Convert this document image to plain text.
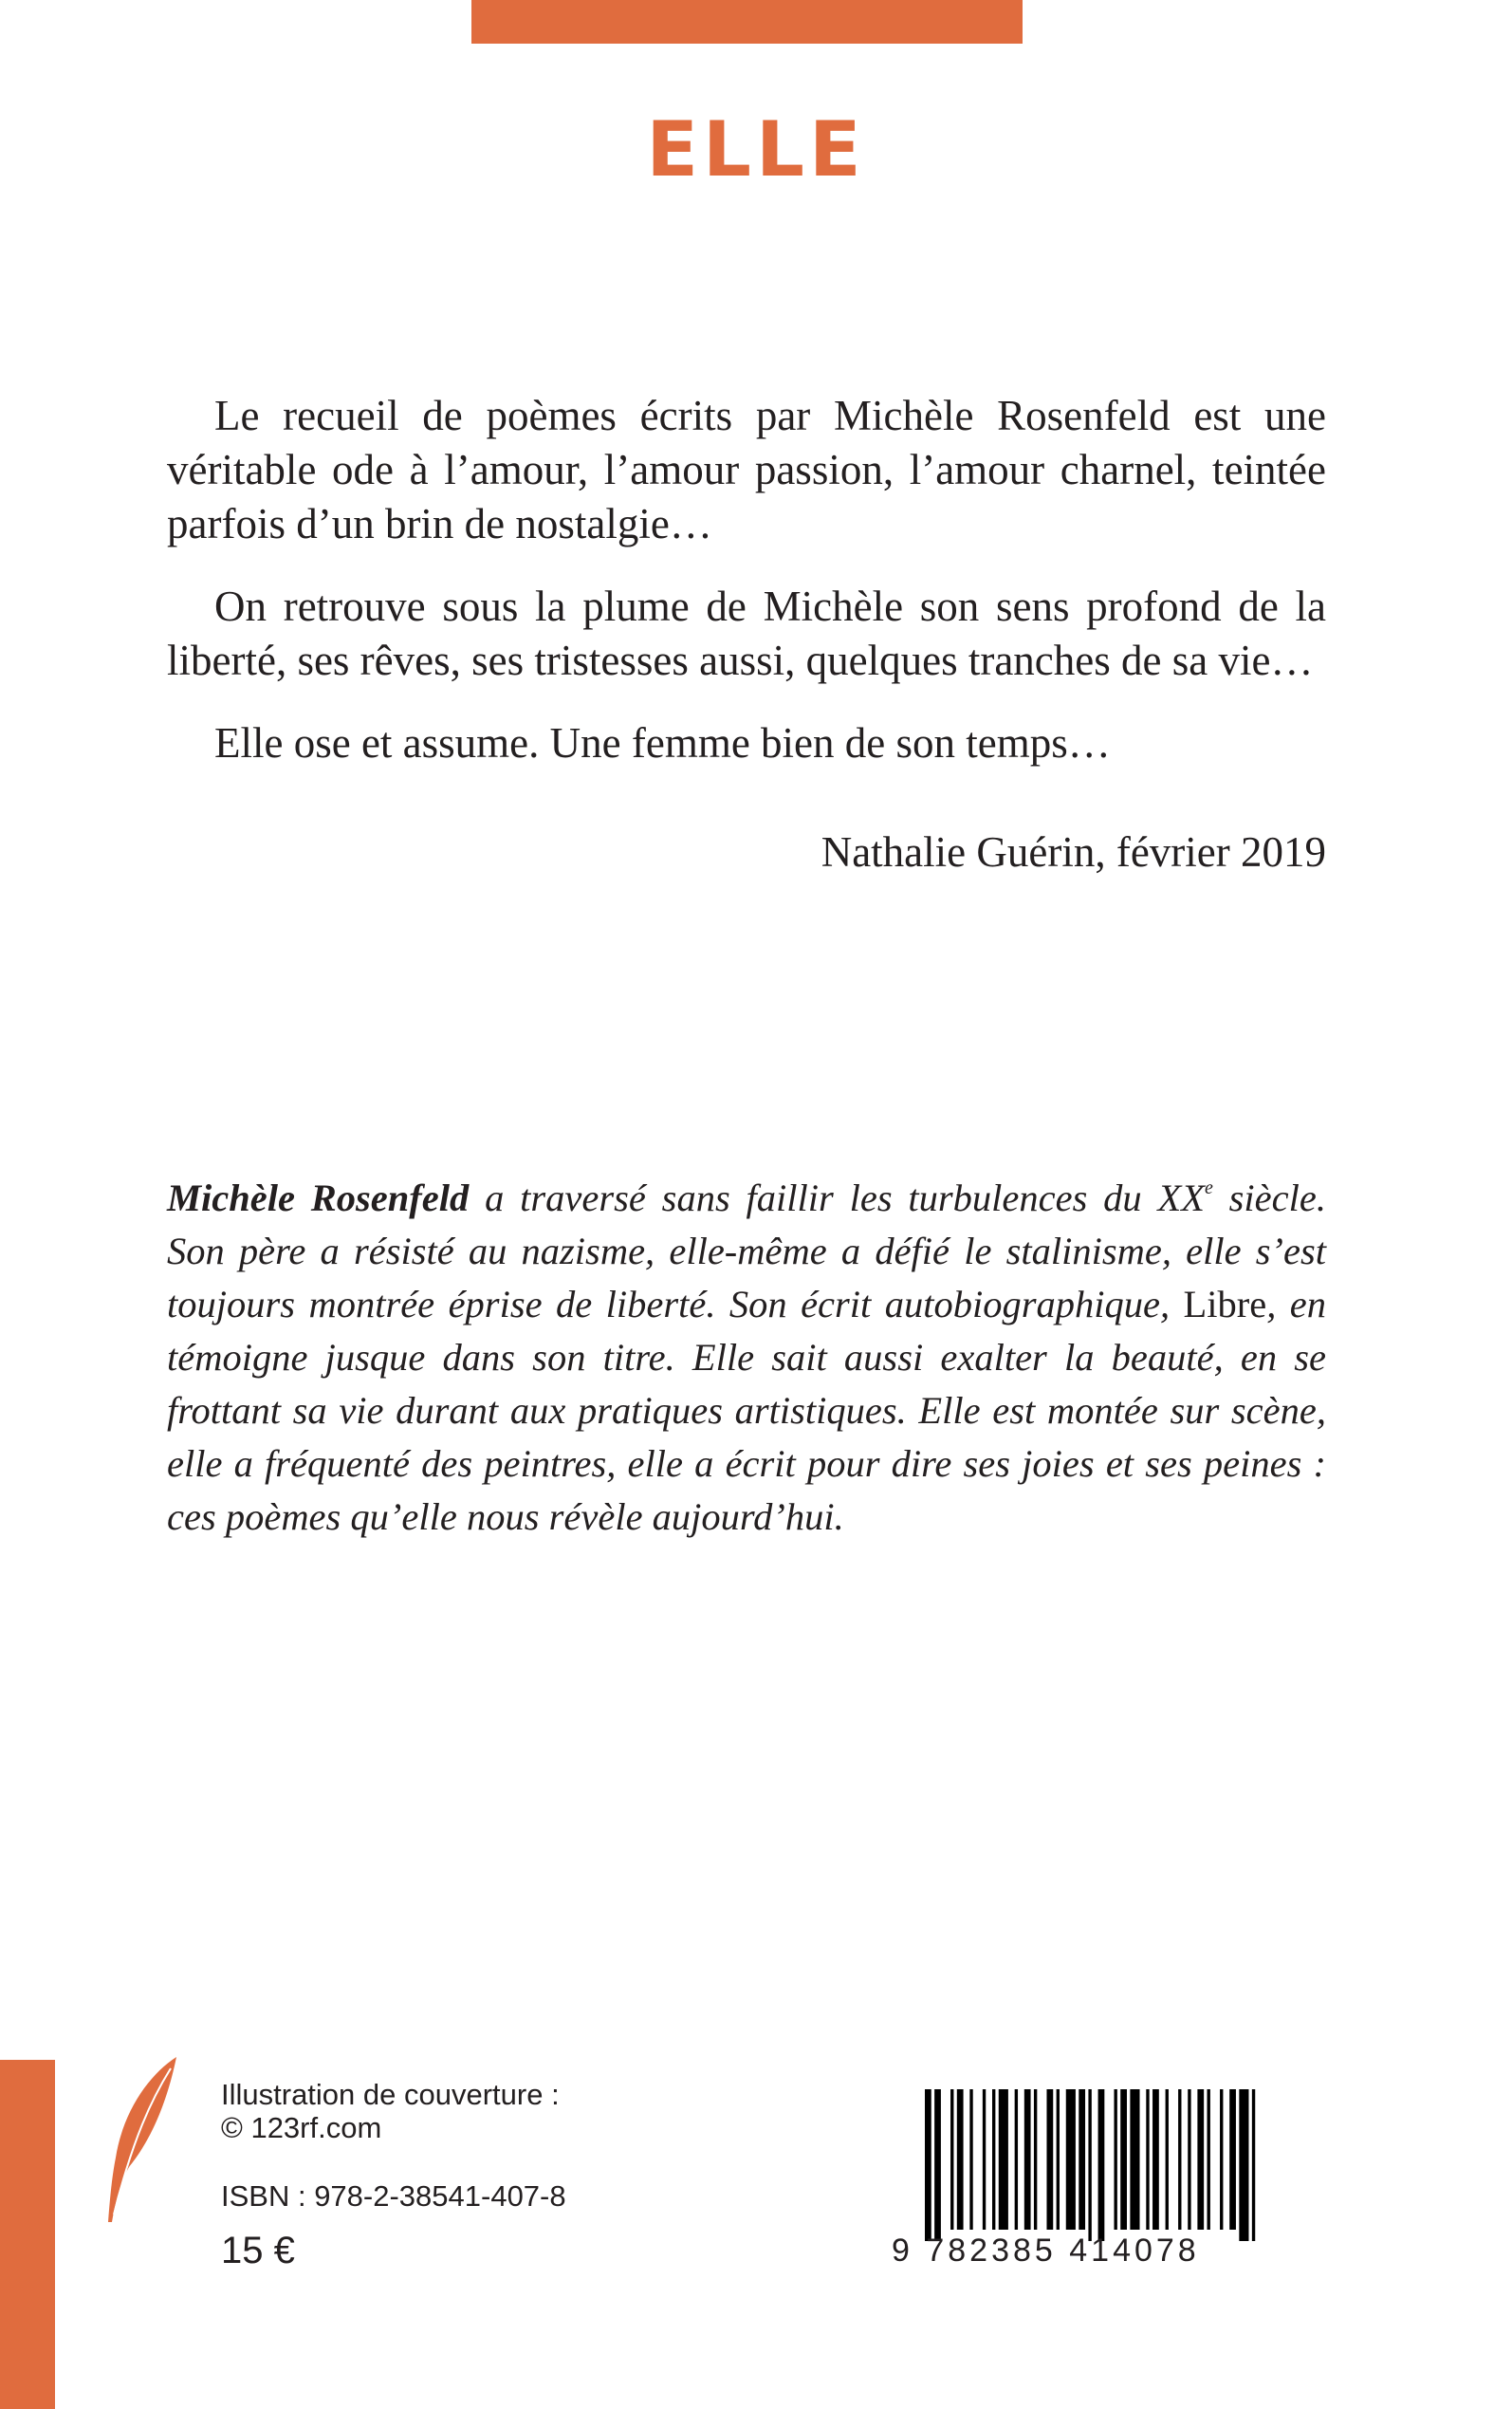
ELLE

Le recueil de poèmes écrits par Michèle Rosenfeld est une véritable ode à l’amour, l’amour passion, l’amour charnel, teintée parfois d’un brin de nostalgie…

On retrouve sous la plume de Michèle son sens profond de la liberté, ses rêves, ses tristesses aussi, quelques tranches de sa vie…

Elle ose et assume. Une femme bien de son temps…

Nathalie Guérin, février 2019
Michèle Rosenfeld a traversé sans faillir les turbulences du XXe siècle. Son père a résisté au nazisme, elle-même a défié le stalinisme, elle s’est toujours montrée éprise de liberté. Son écrit autobiographique, Libre, en témoigne jusque dans son titre. Elle sait aussi exalter la beauté, en se frottant sa vie durant aux pratiques artistiques. Elle est montée sur scène, elle a fréquenté des peintres, elle a écrit pour dire ses joies et ses peines : ces poèmes qu’elle nous révèle aujourd’hui.
Illustration de couverture :
© 123rf.com
ISBN : 978-2-38541-407-8
15 €	9 782385 414078
